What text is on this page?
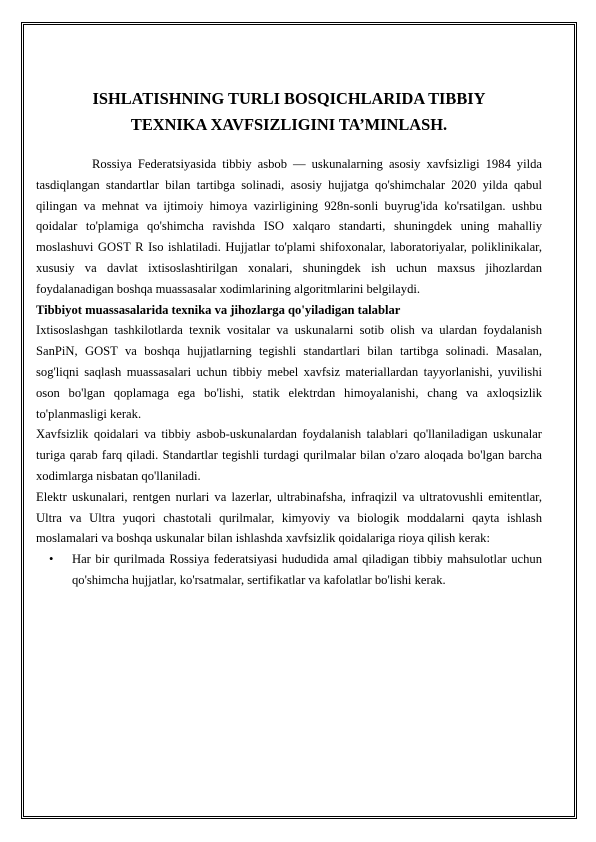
ISHLATISHNING TURLI BOSQICHLARIDA TIBBIY TEXNIKA XAVFSIZLIGINI TA’MINLASH.

Rossiya Federatsiyasida tibbiy asbob — uskunalarning asosiy xavfsizligi 1984 yilda tasdiqlangan standartlar bilan tartibga solinadi, asosiy hujjatga qo'shimchalar 2020 yilda qabul qilingan va mehnat va ijtimoiy himoya vazirligining 928n-sonli buyrug'ida ko'rsatilgan. ushbu qoidalar to'plamiga qo'shimcha ravishda ISO xalqaro standarti, shuningdek uning mahalliy moslashuvi GOST R Iso ishlatiladi. Hujjatlar to'plami shifoxonalar, laboratoriyalar, poliklinikalar, xususiy va davlat ixtisoslashtirilgan xonalari, shuningdek ish uchun maxsus jihozlardan foydalanadigan boshqa muassasalar xodimlarining algoritmlarini belgilaydi.

Tibbiyot muassasalarida texnika va jihozlarga qo'yiladigan talablar

Ixtisoslashgan tashkilotlarda texnik vositalar va uskunalarni sotib olish va ulardan foydalanish SanPiN, GOST va boshqa hujjatlarning tegishli standartlari bilan tartibga solinadi. Masalan, sog'liqni saqlash muassasalari uchun tibbiy mebel xavfsiz materiallardan tayyorlanishi, yuvilishi oson bo'lgan qoplamaga ega bo'lishi, statik elektrdan himoyalanishi, chang va axloqsizlik to'planmasligi kerak.

Xavfsizlik qoidalari va tibbiy asbob-uskunalardan foydalanish talablari qo'llaniladigan uskunalar turiga qarab farq qiladi. Standartlar tegishli turdagi qurilmalar bilan o'zaro aloqada bo'lgan barcha xodimlarga nisbatan qo'llaniladi.

Elektr uskunalari, rentgen nurlari va lazerlar, ultrabinafsha, infraqizil va ultratovushli emitentlar, Ultra va Ultra yuqori chastotali qurilmalar, kimyoviy va biologik moddalarni qayta ishlash moslamalari va boshqa uskunalar bilan ishlashda xavfsizlik qoidalariga rioya qilish kerak:

• Har bir qurilmada Rossiya federatsiyasi hududida amal qiladigan tibbiy mahsulotlar uchun qo'shimcha hujjatlar, ko'rsatmalar, sertifikatlar va kafolatlar bo'lishi kerak.
